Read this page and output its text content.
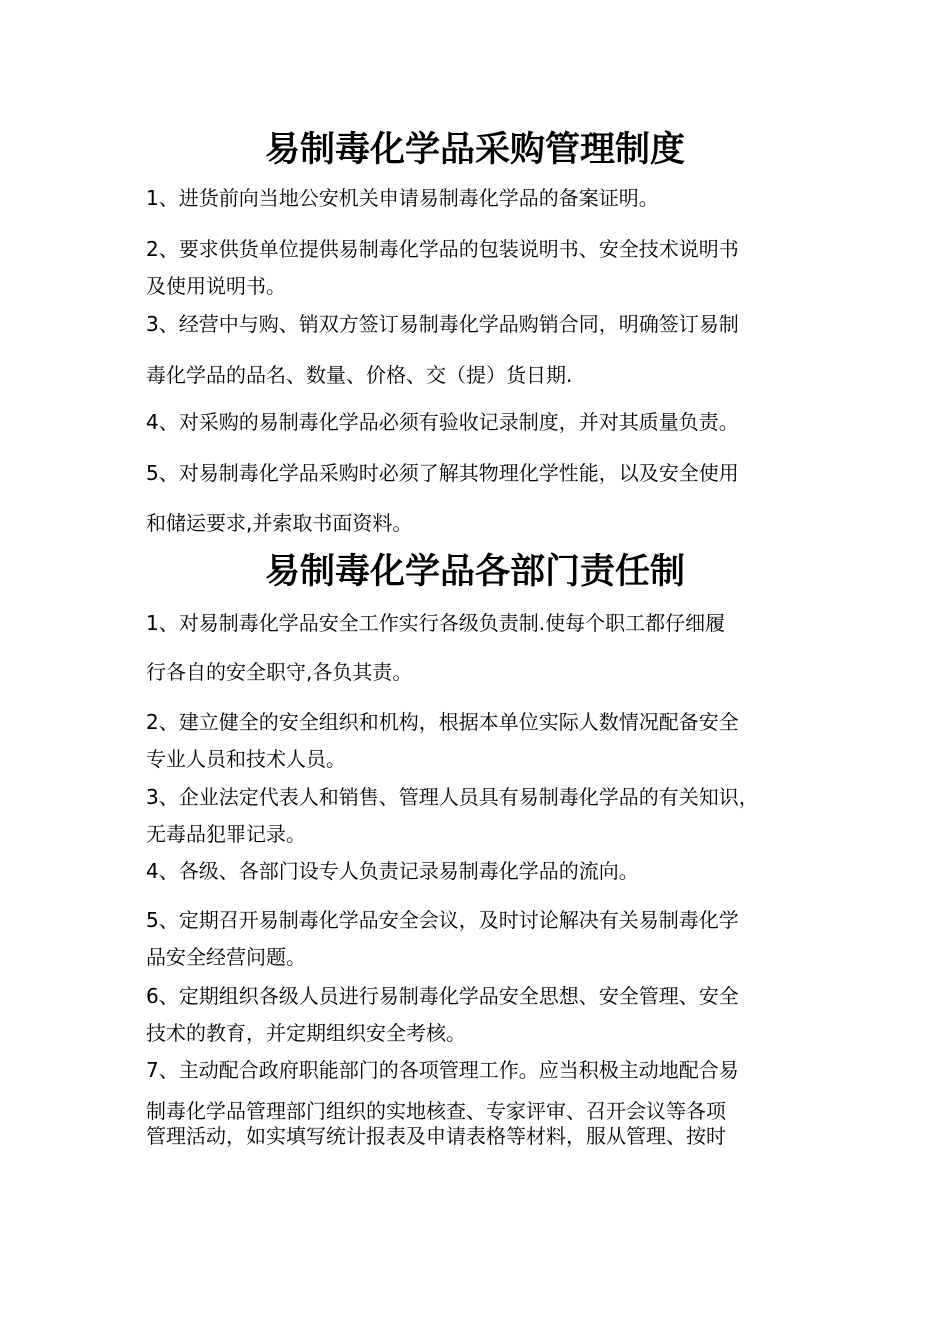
易制毒化学品采购管理制度
1、进货前向当地公安机关申请易制毒化学品的备案证明。
2、要求供货单位提供易制毒化学品的包装说明书、安全技术说明书
及使用说明书。
3、经营中与购、销双方签订易制毒化学品购销合同，明确签订易制
毒化学品的品名、数量、价格、交（提）货日期.
4、对采购的易制毒化学品必须有验收记录制度，并对其质量负责。
5、对易制毒化学品采购时必须了解其物理化学性能，以及安全使用
和储运要求,并索取书面资料。
易制毒化学品各部门责任制
1、对易制毒化学品安全工作实行各级负责制.使每个职工都仔细履
行各自的安全职守,各负其责。
2、建立健全的安全组织和机构，根据本单位实际人数情况配备安全
专业人员和技术人员。
3、企业法定代表人和销售、管理人员具有易制毒化学品的有关知识，
无毒品犯罪记录。
4、各级、各部门设专人负责记录易制毒化学品的流向。
5、定期召开易制毒化学品安全会议，及时讨论解决有关易制毒化学
品安全经营问题。
6、定期组织各级人员进行易制毒化学品安全思想、安全管理、安全
技术的教育，并定期组织安全考核。
7、主动配合政府职能部门的各项管理工作。应当积极主动地配合易
制毒化学品管理部门组织的实地核查、专家评审、召开会议等各项
管理活动，如实填写统计报表及申请表格等材料，服从管理、按时
